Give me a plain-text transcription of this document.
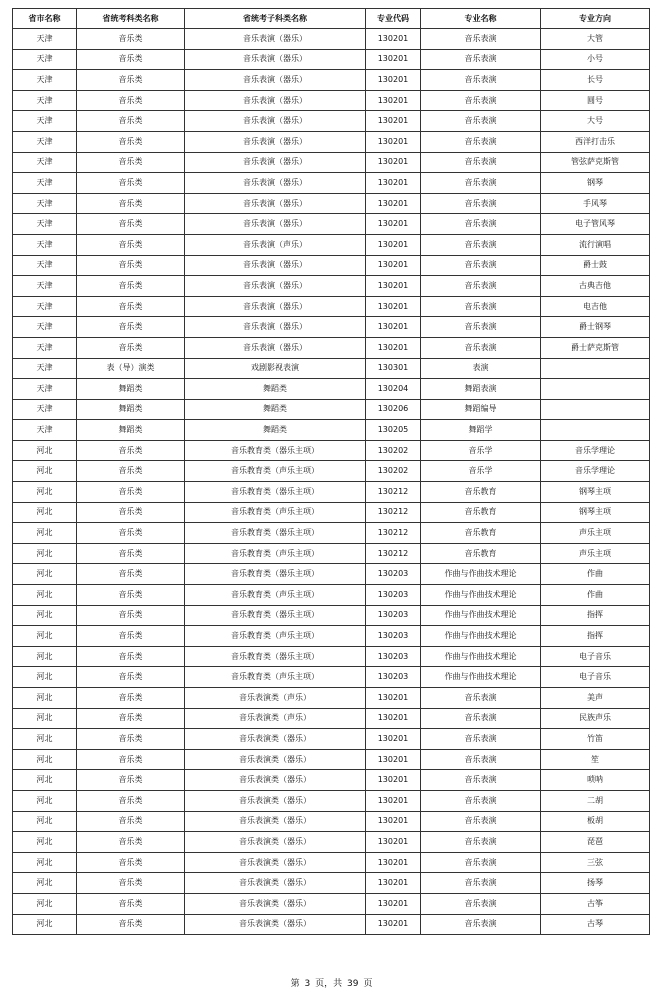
省市名称	省统考科类名称	省统考子科类名称	专业代码	专业名称	专业方向
天津	音乐类	音乐表演（器乐）	130201	音乐表演	大管
天津	音乐类	音乐表演（器乐）	130201	音乐表演	小号
天津	音乐类	音乐表演（器乐）	130201	音乐表演	长号
天津	音乐类	音乐表演（器乐）	130201	音乐表演	圆号
天津	音乐类	音乐表演（器乐）	130201	音乐表演	大号
天津	音乐类	音乐表演（器乐）	130201	音乐表演	西洋打击乐
天津	音乐类	音乐表演（器乐）	130201	音乐表演	管弦萨克斯管
天津	音乐类	音乐表演（器乐）	130201	音乐表演	钢琴
天津	音乐类	音乐表演（器乐）	130201	音乐表演	手风琴
天津	音乐类	音乐表演（器乐）	130201	音乐表演	电子管风琴
天津	音乐类	音乐表演（声乐）	130201	音乐表演	流行演唱
天津	音乐类	音乐表演（器乐）	130201	音乐表演	爵士鼓
天津	音乐类	音乐表演（器乐）	130201	音乐表演	古典吉他
天津	音乐类	音乐表演（器乐）	130201	音乐表演	电吉他
天津	音乐类	音乐表演（器乐）	130201	音乐表演	爵士钢琴
天津	音乐类	音乐表演（器乐）	130201	音乐表演	爵士萨克斯管
天津	表（导）演类	戏剧影视表演	130301	表演	
天津	舞蹈类	舞蹈类	130204	舞蹈表演	
天津	舞蹈类	舞蹈类	130206	舞蹈编导	
天津	舞蹈类	舞蹈类	130205	舞蹈学	
河北	音乐类	音乐教育类（器乐主项）	130202	音乐学	音乐学理论
河北	音乐类	音乐教育类（声乐主项）	130202	音乐学	音乐学理论
河北	音乐类	音乐教育类（器乐主项）	130212	音乐教育	钢琴主项
河北	音乐类	音乐教育类（声乐主项）	130212	音乐教育	钢琴主项
河北	音乐类	音乐教育类（器乐主项）	130212	音乐教育	声乐主项
河北	音乐类	音乐教育类（声乐主项）	130212	音乐教育	声乐主项
河北	音乐类	音乐教育类（器乐主项）	130203	作曲与作曲技术理论	作曲
河北	音乐类	音乐教育类（声乐主项）	130203	作曲与作曲技术理论	作曲
河北	音乐类	音乐教育类（器乐主项）	130203	作曲与作曲技术理论	指挥
河北	音乐类	音乐教育类（声乐主项）	130203	作曲与作曲技术理论	指挥
河北	音乐类	音乐教育类（器乐主项）	130203	作曲与作曲技术理论	电子音乐
河北	音乐类	音乐教育类（声乐主项）	130203	作曲与作曲技术理论	电子音乐
河北	音乐类	音乐表演类（声乐）	130201	音乐表演	美声
河北	音乐类	音乐表演类（声乐）	130201	音乐表演	民族声乐
河北	音乐类	音乐表演类（器乐）	130201	音乐表演	竹笛
河北	音乐类	音乐表演类（器乐）	130201	音乐表演	笙
河北	音乐类	音乐表演类（器乐）	130201	音乐表演	唢呐
河北	音乐类	音乐表演类（器乐）	130201	音乐表演	二胡
河北	音乐类	音乐表演类（器乐）	130201	音乐表演	板胡
河北	音乐类	音乐表演类（器乐）	130201	音乐表演	琵琶
河北	音乐类	音乐表演类（器乐）	130201	音乐表演	三弦
河北	音乐类	音乐表演类（器乐）	130201	音乐表演	扬琴
河北	音乐类	音乐表演类（器乐）	130201	音乐表演	古筝
河北	音乐类	音乐表演类（器乐）	130201	音乐表演	古琴
第 3 页，共 39 页
